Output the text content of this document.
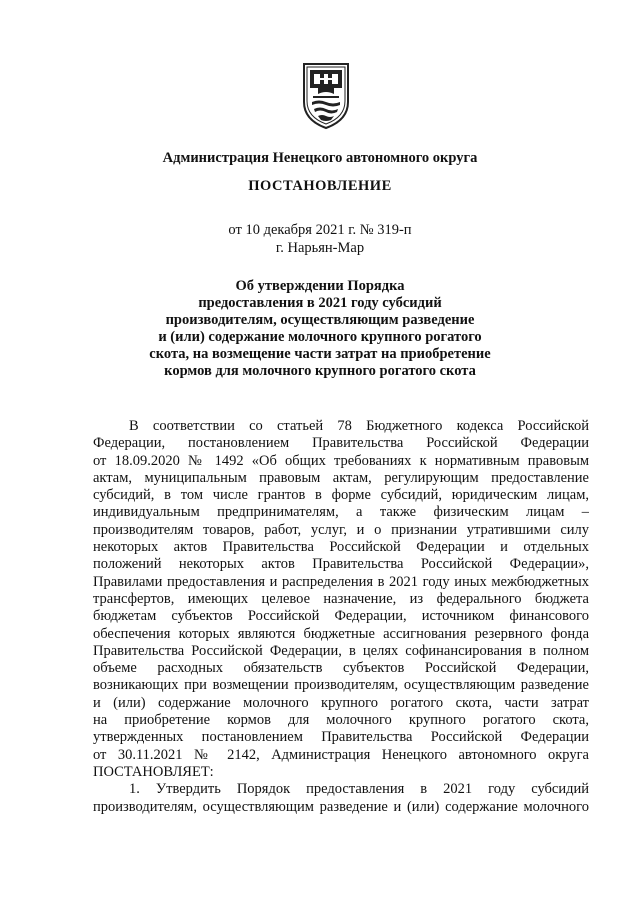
Администрация Ненецкого автономного округа
ПОСТАНОВЛЕНИЕ
от 10 декабря 2021 г. № 319-п
г. Нарьян-Мар
Об утверждении Порядка
предоставления в 2021 году субсидий
производителям, осуществляющим разведение
и (или) содержание молочного крупного рогатого
скота, на возмещение части затрат на приобретение
кормов для молочного крупного рогатого скота
В соответствии со статьей 78 Бюджетного кодекса Российской
Федерации, постановлением Правительства Российской Федерации
от 18.09.2020 № 1492 «Об общих требованиях к нормативным правовым
актам, муниципальным правовым актам, регулирующим предоставление
субсидий, в том числе грантов в форме субсидий, юридическим лицам,
индивидуальным предпринимателям, а также физическим лицам –
производителям товаров, работ, услуг, и о признании утратившими силу
некоторых актов Правительства Российской Федерации и отдельных
положений некоторых актов Правительства Российской Федерации»,
Правилами предоставления и распределения в 2021 году иных межбюджетных
трансфертов, имеющих целевое назначение, из федерального бюджета
бюджетам субъектов Российской Федерации, источником финансового
обеспечения которых являются бюджетные ассигнования резервного фонда
Правительства Российской Федерации, в целях софинансирования в полном
объеме расходных обязательств субъектов Российской Федерации,
возникающих при возмещении производителям, осуществляющим разведение
и (или) содержание молочного крупного рогатого скота, части затрат
на приобретение кормов для молочного крупного рогатого скота,
утвержденных постановлением Правительства Российской Федерации
от 30.11.2021 № 2142, Администрация Ненецкого автономного округа
ПОСТАНОВЛЯЕТ:
1. Утвердить Порядок предоставления в 2021 году субсидий
производителям, осуществляющим разведение и (или) содержание молочного
